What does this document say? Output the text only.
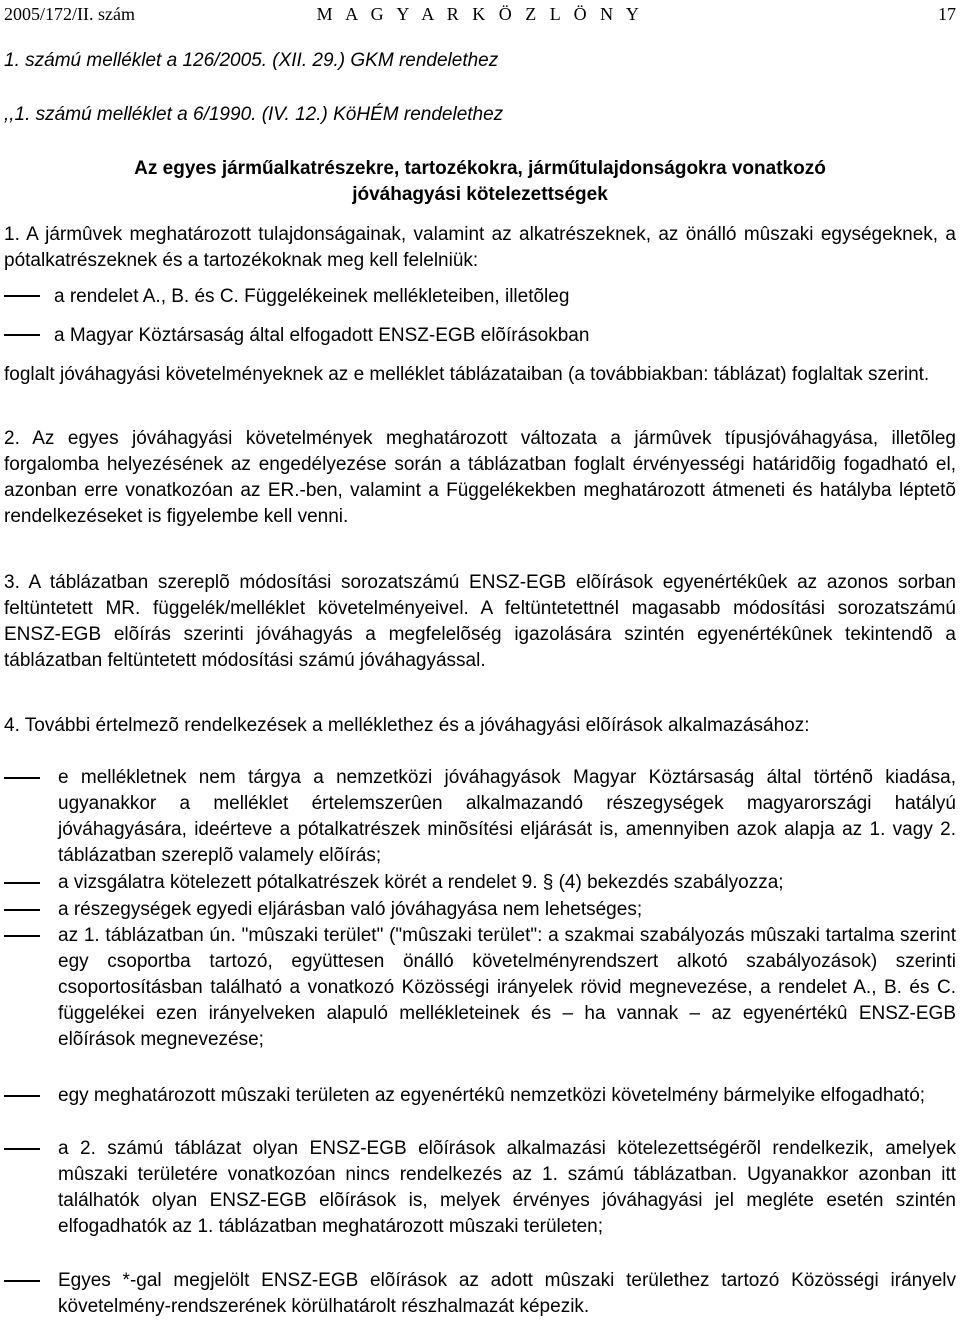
2005/172/II. szám	M A G Y A R K Ö Z L Ö N Y	17
1. számú melléklet a 126/2005. (XII. 29.) GKM rendelethez
,,1. számú melléklet a 6/1990. (IV. 12.) KöHÉM rendelethez
Az egyes járműalkatrészekre, tartozékokra, járműtulajdonságokra vonatkozó
jóváhagyási kötelezettségek
1. A jármûvek meghatározott tulajdonságainak, valamint az alkatrészeknek, az önálló mûszaki egységeknek, a pótalkatrészeknek és a tartozékoknak meg kell felelniük:
a rendelet A., B. és C. Függelékeinek mellékleteiben, illetõleg
a Magyar Köztársaság által elfogadott ENSZ-EGB elõírásokban
foglalt jóváhagyási követelményeknek az e melléklet táblázataiban (a továbbiakban: táblázat) foglaltak szerint.
2. Az egyes jóváhagyási követelmények meghatározott változata a jármûvek típusjóváhagyása, illetõleg forgalomba helyezésének az engedélyezése során a táblázatban foglalt érvényességi határidõig fogadható el, azonban erre vonatkozóan az ER.-ben, valamint a Függelékekben meghatározott átmeneti és hatályba léptetõ rendelkezéseket is figyelembe kell venni.
3. A táblázatban szereplõ módosítási sorozatszámú ENSZ-EGB elõírások egyenértékûek az azonos sorban feltüntetett MR. függelék/melléklet követelményeivel. A feltüntetettnél magasabb módosítási sorozatszámú ENSZ-EGB elõírás szerinti jóváhagyás a megfelelõség igazolására szintén egyenértékûnek tekintendõ a táblázatban feltüntetett módosítási számú jóváhagyással.
4. További értelmezõ rendelkezések a melléklethez és a jóváhagyási elõírások alkalmazásához:
e mellékletnek nem tárgya a nemzetközi jóváhagyások Magyar Köztársaság által történõ kiadása, ugyanakkor a melléklet értelemszerûen alkalmazandó részegységek magyarországi hatályú jóváhagyására, ideérteve a pótalkatrészek minõsítési eljárását is, amennyiben azok alapja az 1. vagy 2. táblázatban szereplõ valamely elõírás;
a vizsgálatra kötelezett pótalkatrészek körét a rendelet 9. § (4) bekezdés szabályozza;
a részegységek egyedi eljárásban való jóváhagyása nem lehetséges;
az 1. táblázatban ún. "mûszaki terület" ("mûszaki terület": a szakmai szabályozás mûszaki tartalma szerint egy csoportba tartozó, együttesen önálló követelményrendszert alkotó szabályozások) szerinti csoportosításban található a vonatkozó Közösségi irányelek rövid megnevezése, a rendelet A., B. és C. függelékei ezen irányelveken alapuló mellékleteinek és – ha vannak – az egyenértékû ENSZ-EGB elõírások megnevezése;
egy meghatározott mûszaki területen az egyenértékû nemzetközi követelmény bármelyike elfogadható;
a 2. számú táblázat olyan ENSZ-EGB elõírások alkalmazási kötelezettségérõl rendelkezik, amelyek mûszaki területére vonatkozóan nincs rendelkezés az 1. számú táblázatban. Ugyanakkor azonban itt találhatók olyan ENSZ-EGB elõírások is, melyek érvényes jóváhagyási jel megléte esetén szintén elfogadhatók az 1. táblázatban meghatározott mûszaki területen;
Egyes *-gal megjelölt ENSZ-EGB elõírások az adott mûszaki területhez tartozó Közösségi irányelv követelmény-rendszerének körülhatárolt részhalmazát képezik.
